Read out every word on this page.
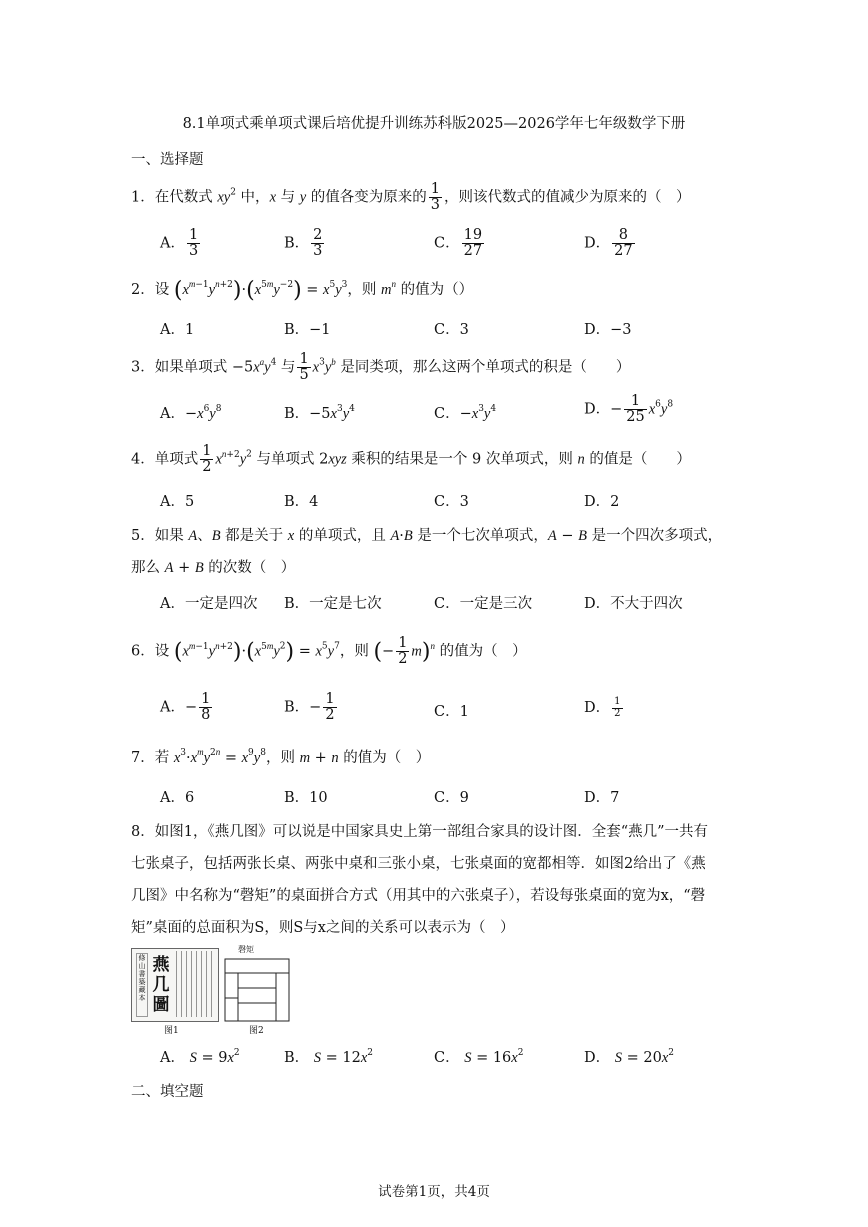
8.1单项式乘单项式课后培优提升训练苏科版2025—2026学年七年级数学下册
一、选择题
1．在代数式 $xy^2$ 中，x 与 y 的值各变为原来的 $\frac{1}{3}$ ，则该代数式的值减少为原来的（　）
A． $\frac{1}{3}$	B． $\frac{2}{3}$	C． $\frac{19}{27}$	D． $\frac{8}{27}$
2．设 $(x^{m-1}y^{n+2})\cdot(x^{5m}y^{-2}) = x^5y^3$，则 $m^n$ 的值为（）
A．1	B．−1	C．3	D．−3
3．如果单项式 $-5x^ay^4$ 与 $\frac{1}{5} x^3y^b$ 是同类项，那么这两个单项式的积是（　　）
A．$-x^6y^8$	B．$-5x^3y^4$	C．$-x^3y^4$	D．− $\frac{1}{25} x^6y^8$
4．单项式 $\frac{1}{2} x^{n+2}y^2$ 与单项式 2xyz 乘积的结果是一个 9 次单项式，则 n 的值是（　　）
A．5	B．4	C．3	D．2
5．如果 A、B 都是关于 x 的单项式，且 A·B 是一个七次单项式，A − B 是一个四次多项式，
那么 A + B 的次数（　）
A．一定是四次 B．一定是七次	C．一定是三次	D．不大于四次
6．设 $(x^{m-1}y^{n+2})\cdot(x^{5m}y^2) = x^5y^7$，则 (− $\frac{1}{2} m)^n$ 的值为（　）
A．− $\frac{1}{8}$	B．− $\frac{1}{2}$	C．1	D． $\frac{1}{2}$
7．若 $x^3\cdot x^my^{2n} = x^9y^8$，则 m + n 的值为（　）
A．6	B．10	C．9	D．7
8．如图1，《燕几图》可以说是中国家具史上第一部组合家具的设计图．全套“燕几”一共有
七张桌子，包括两张长桌、两张中桌和三张小桌，七张桌面的宽都相等．如图2给出了《燕
几图》中名称为“磬矩”的桌面拼合方式（用其中的六张桌子），若设每张桌面的宽为x，“磬
矩”桌面的总面积为S，则S与x之间的关系可以表示为（　）
條山書築藏本
燕几圖
图1
磬矩
图2
A． $S = 9x^2$	B． $S = 12x^2$	C． $S = 16x^2$	D． $S = 20x^2$
二、填空题
试卷第1页，共4页
